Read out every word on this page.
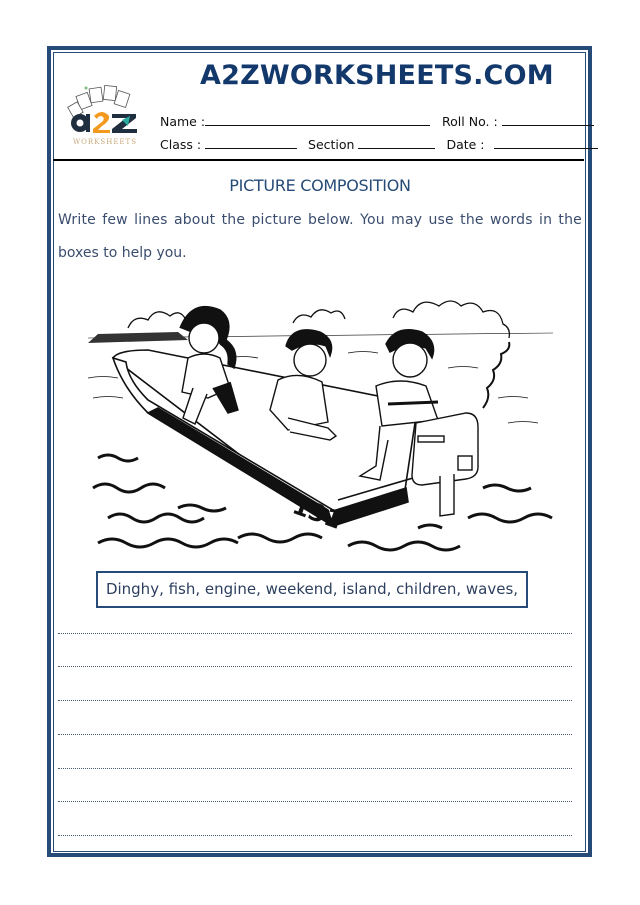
WORKSHEETS
A2ZWORKSHEETS.COM
Name :	Roll No. :
Class :	Section	Date :
PICTURE COMPOSITION
Write few lines about the picture below. You may use the words in the
boxes to help you.
131
Dinghy, fish, engine, weekend, island, children, waves,
